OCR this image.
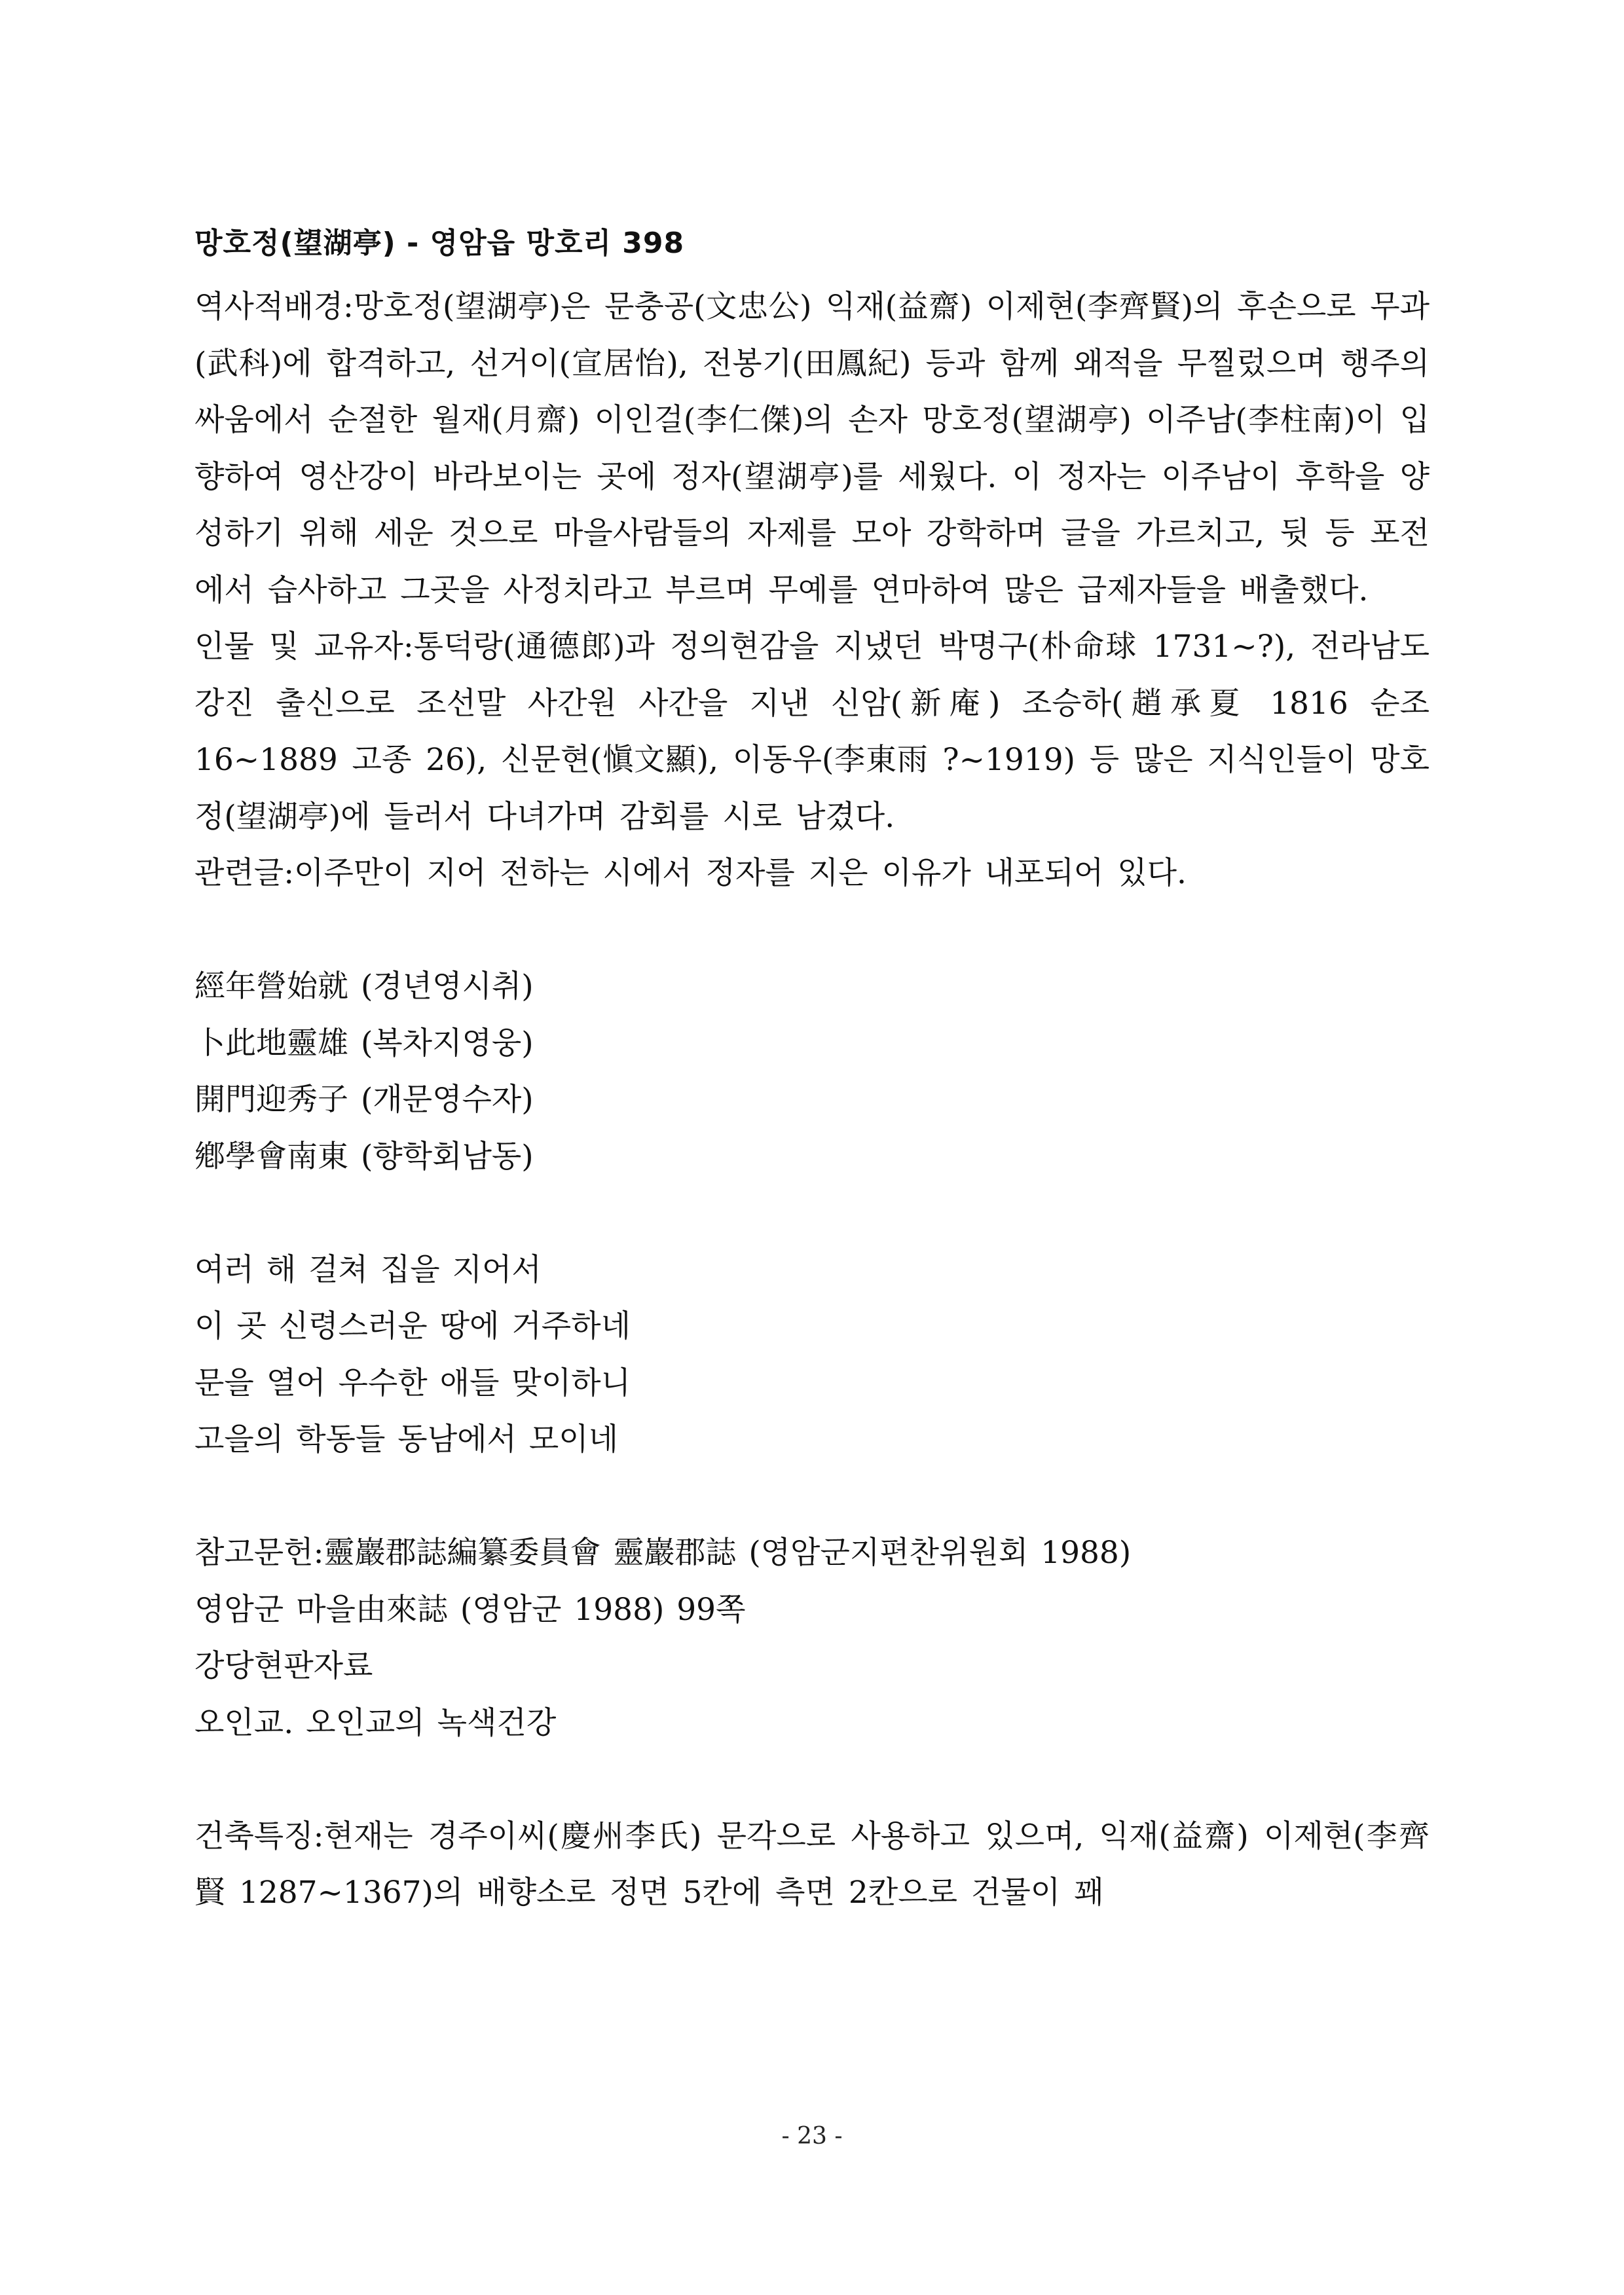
망호정(望湖亭) - 영암읍 망호리 398
역사적배경:망호정(望湖亭)은 문충공(文忠公) 익재(益齋) 이제현(李齊賢)의 후손으로 무과(武科)에 합격하고, 선거이(宣居怡), 전봉기(田鳳紀) 등과 함께 왜적을 무찔렀으며 행주의 싸움에서 순절한 월재(月齋) 이인걸(李仁傑)의 손자 망호정(望湖亭) 이주남(李柱南)이 입향하여 영산강이 바라보이는 곳에 정자(望湖亭)를 세웠다. 이 정자는 이주남이 후학을 양성하기 위해 세운 것으로 마을사람들의 자제를 모아 강학하며 글을 가르치고, 뒷 등 포전에서 습사하고 그곳을 사정치라고 부르며 무예를 연마하여 많은 급제자들을 배출했다.
인물 및 교유자:통덕랑(通德郎)과 정의현감을 지냈던 박명구(朴命球 1731~?), 전라남도 강진 출신으로 조선말 사간원 사간을 지낸 신암(新庵) 조승하(趙承夏 1816 순조16~1889 고종 26), 신문현(愼文顯), 이동우(李東雨 ?~1919) 등 많은 지식인들이 망호정(望湖亭)에 들러서 다녀가며 감회를 시로 남겼다.
관련글:이주만이 지어 전하는 시에서 정자를 지은 이유가 내포되어 있다.
經年營始就 (경년영시취)
卜此地靈雄 (복차지영웅)
開門迎秀子 (개문영수자)
鄕學會南東 (향학회남동)
여러 해 걸쳐 집을 지어서
이 곳 신령스러운 땅에 거주하네
문을 열어 우수한 애들 맞이하니
고을의 학동들 동남에서 모이네
참고문헌:靈巖郡誌編纂委員會 靈巖郡誌 (영암군지편찬위원회 1988)
영암군 마을由來誌 (영암군 1988) 99쪽
강당현판자료
오인교. 오인교의 녹색건강
건축특징:현재는 경주이씨(慶州李氏) 문각으로 사용하고 있으며, 익재(益齋) 이제현(李齊賢 1287~1367)의 배향소로 정면 5칸에 측면 2칸으로 건물이 꽤
- 23 -
